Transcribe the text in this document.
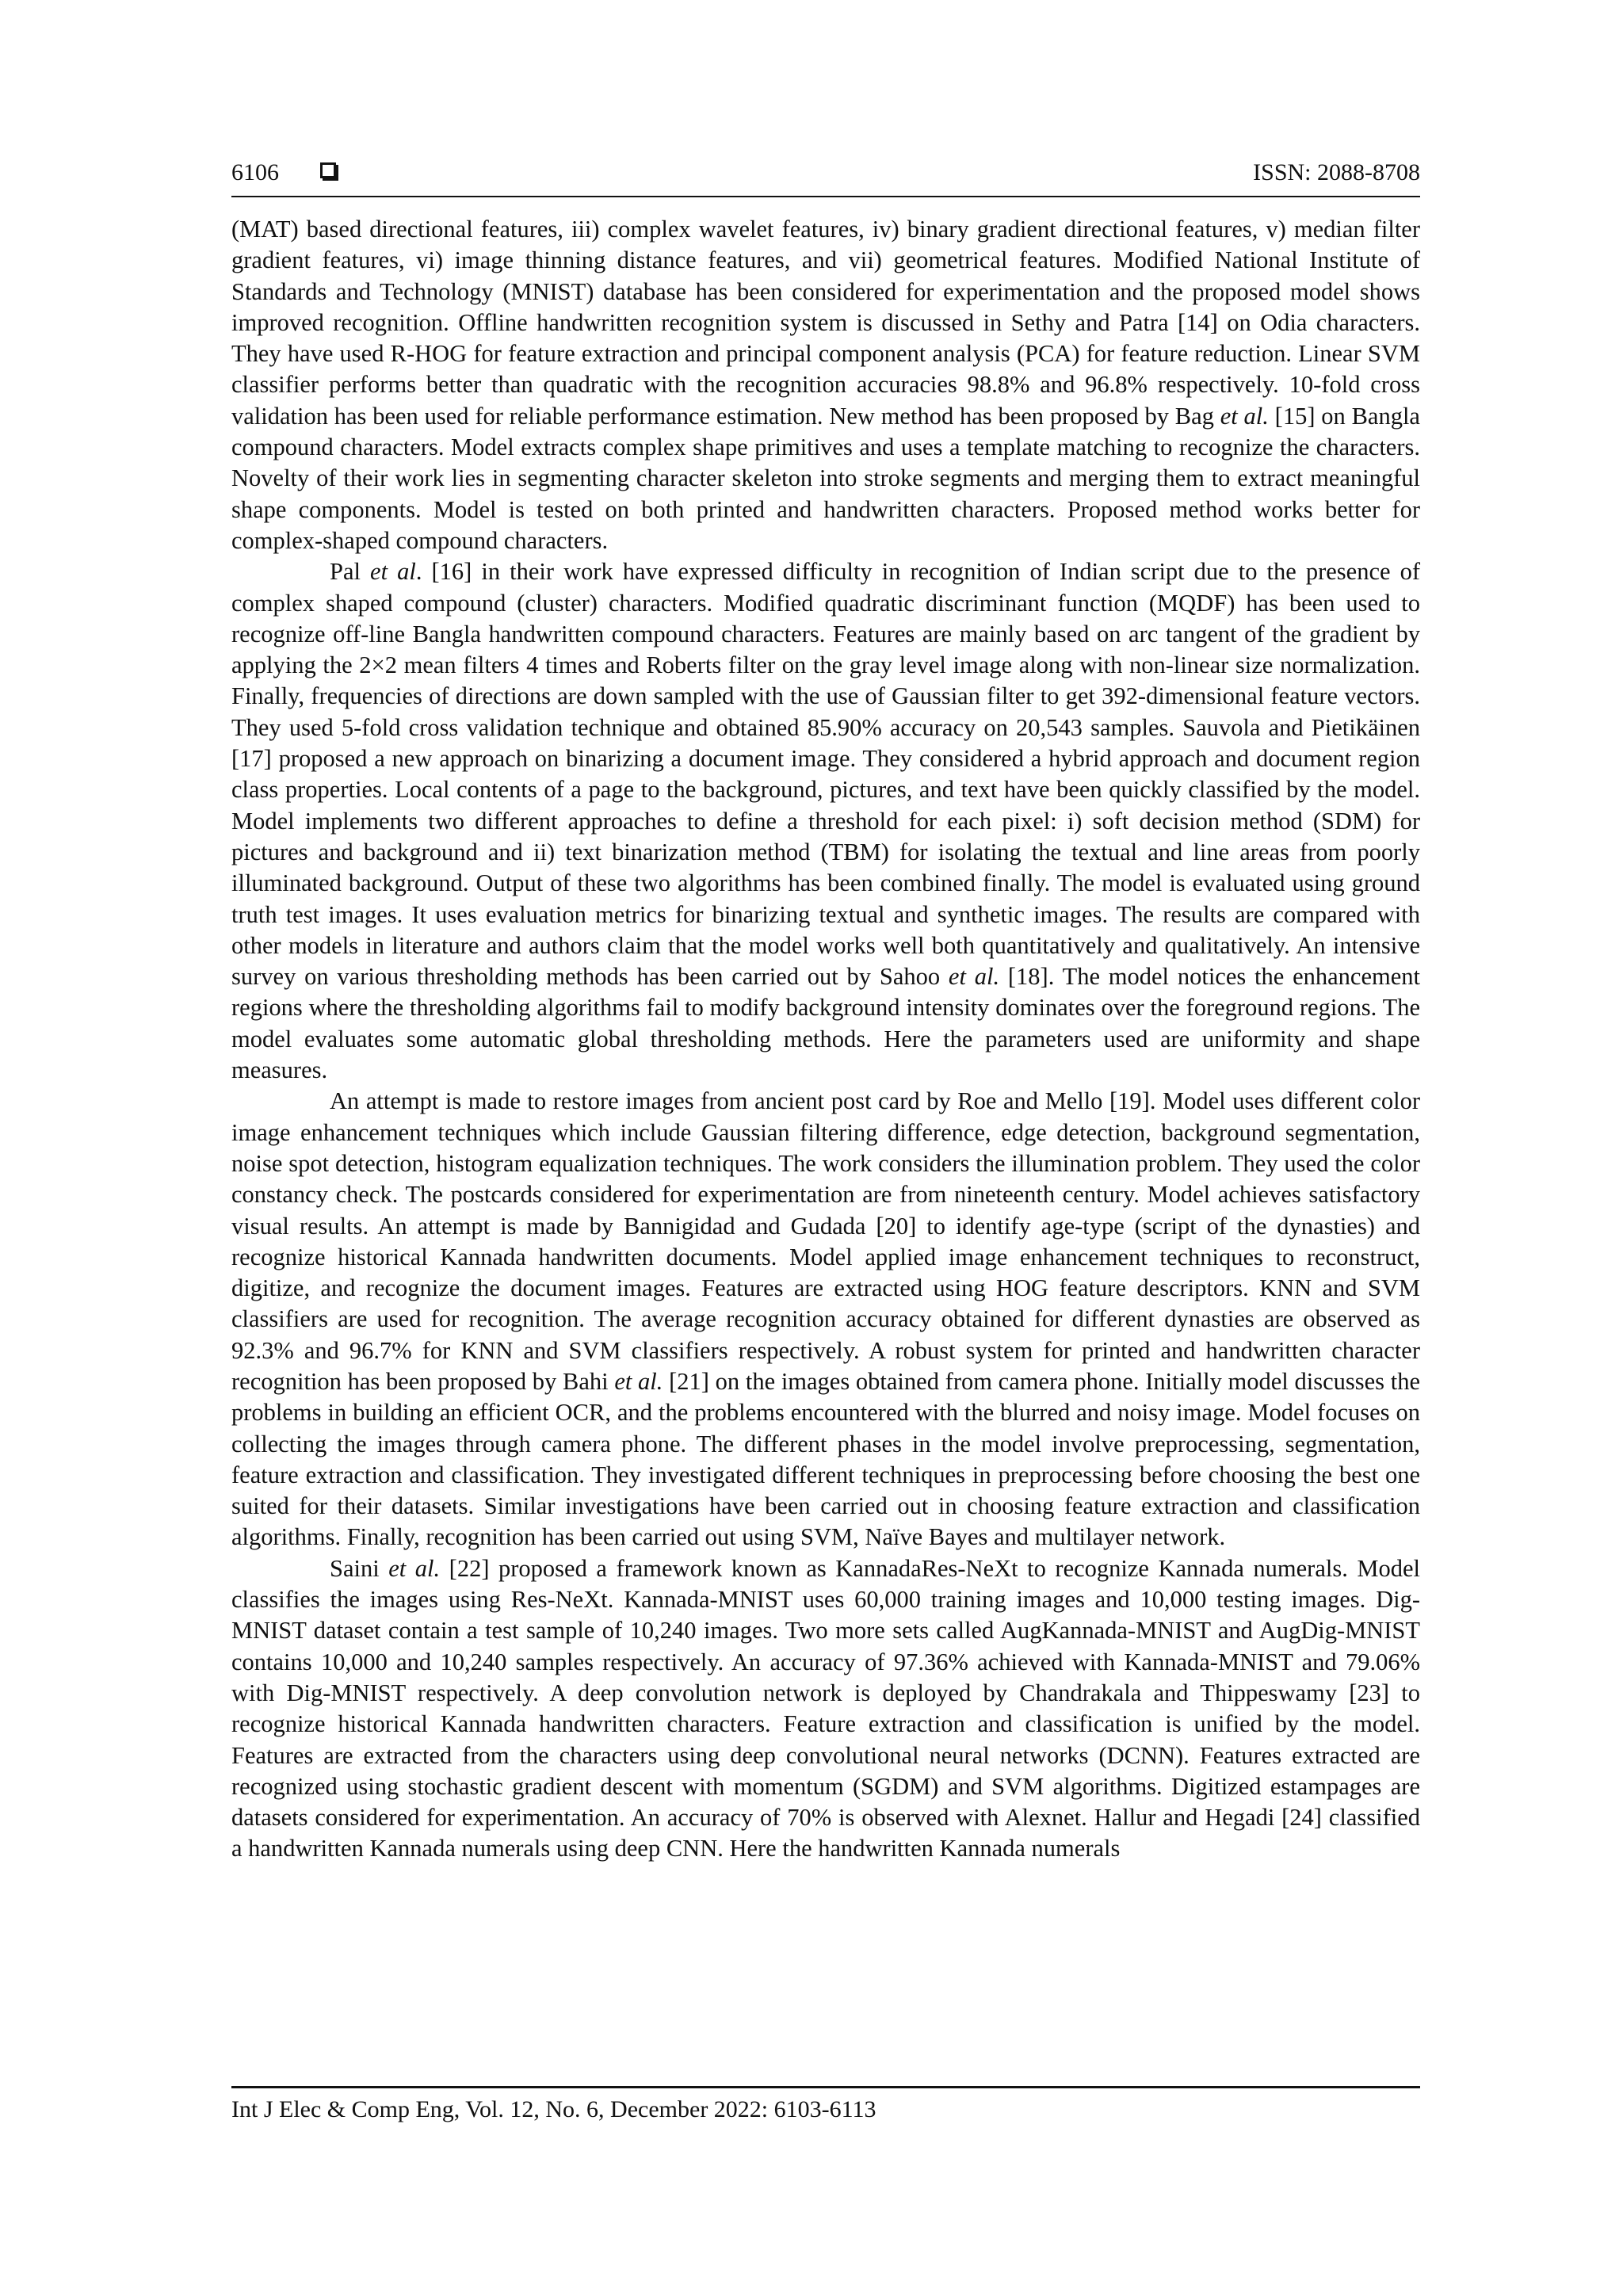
6106	ISSN: 2088-8708

(MAT) based directional features, iii) complex wavelet features, iv) binary gradient directional features, v) median filter gradient features, vi) image thinning distance features, and vii) geometrical features. Modified National Institute of Standards and Technology (MNIST) database has been considered for experimentation and the proposed model shows improved recognition. Offline handwritten recognition system is discussed in Sethy and Patra [14] on Odia characters. They have used R-HOG for feature extraction and principal component analysis (PCA) for feature reduction. Linear SVM classifier performs better than quadratic with the recognition accuracies 98.8% and 96.8% respectively. 10-fold cross validation has been used for reliable performance estimation. New method has been proposed by Bag et al. [15] on Bangla compound characters. Model extracts complex shape primitives and uses a template matching to recognize the characters. Novelty of their work lies in segmenting character skeleton into stroke segments and merging them to extract meaningful shape components. Model is tested on both printed and handwritten characters. Proposed method works better for complex-shaped compound characters.

Pal et al. [16] in their work have expressed difficulty in recognition of Indian script due to the presence of complex shaped compound (cluster) characters. Modified quadratic discriminant function (MQDF) has been used to recognize off-line Bangla handwritten compound characters. Features are mainly based on arc tangent of the gradient by applying the 2×2 mean filters 4 times and Roberts filter on the gray level image along with non-linear size normalization. Finally, frequencies of directions are down sampled with the use of Gaussian filter to get 392-dimensional feature vectors. They used 5-fold cross validation technique and obtained 85.90% accuracy on 20,543 samples. Sauvola and Pietikäinen [17] proposed a new approach on binarizing a document image. They considered a hybrid approach and document region class properties. Local contents of a page to the background, pictures, and text have been quickly classified by the model. Model implements two different approaches to define a threshold for each pixel: i) soft decision method (SDM) for pictures and background and ii) text binarization method (TBM) for isolating the textual and line areas from poorly illuminated background. Output of these two algorithms has been combined finally. The model is evaluated using ground truth test images. It uses evaluation metrics for binarizing textual and synthetic images. The results are compared with other models in literature and authors claim that the model works well both quantitatively and qualitatively. An intensive survey on various thresholding methods has been carried out by Sahoo et al. [18]. The model notices the enhancement regions where the thresholding algorithms fail to modify background intensity dominates over the foreground regions. The model evaluates some automatic global thresholding methods. Here the parameters used are uniformity and shape measures.

An attempt is made to restore images from ancient post card by Roe and Mello [19]. Model uses different color image enhancement techniques which include Gaussian filtering difference, edge detection, background segmentation, noise spot detection, histogram equalization techniques. The work considers the illumination problem. They used the color constancy check. The postcards considered for experimentation are from nineteenth century. Model achieves satisfactory visual results. An attempt is made by Bannigidad and Gudada [20] to identify age-type (script of the dynasties) and recognize historical Kannada handwritten documents. Model applied image enhancement techniques to reconstruct, digitize, and recognize the document images. Features are extracted using HOG feature descriptors. KNN and SVM classifiers are used for recognition. The average recognition accuracy obtained for different dynasties are observed as 92.3% and 96.7% for KNN and SVM classifiers respectively. A robust system for printed and handwritten character recognition has been proposed by Bahi et al. [21] on the images obtained from camera phone. Initially model discusses the problems in building an efficient OCR, and the problems encountered with the blurred and noisy image. Model focuses on collecting the images through camera phone. The different phases in the model involve preprocessing, segmentation, feature extraction and classification. They investigated different techniques in preprocessing before choosing the best one suited for their datasets. Similar investigations have been carried out in choosing feature extraction and classification algorithms. Finally, recognition has been carried out using SVM, Naïve Bayes and multilayer network.

Saini et al. [22] proposed a framework known as KannadaRes-NeXt to recognize Kannada numerals. Model classifies the images using Res-NeXt. Kannada-MNIST uses 60,000 training images and 10,000 testing images. Dig-MNIST dataset contain a test sample of 10,240 images. Two more sets called AugKannada-MNIST and AugDig-MNIST contains 10,000 and 10,240 samples respectively. An accuracy of 97.36% achieved with Kannada-MNIST and 79.06% with Dig-MNIST respectively. A deep convolution network is deployed by Chandrakala and Thippeswamy [23] to recognize historical Kannada handwritten characters. Feature extraction and classification is unified by the model. Features are extracted from the characters using deep convolutional neural networks (DCNN). Features extracted are recognized using stochastic gradient descent with momentum (SGDM) and SVM algorithms. Digitized estampages are datasets considered for experimentation. An accuracy of 70% is observed with Alexnet. Hallur and Hegadi [24] classified a handwritten Kannada numerals using deep CNN. Here the handwritten Kannada numerals

Int J Elec & Comp Eng, Vol. 12, No. 6, December 2022: 6103-6113
